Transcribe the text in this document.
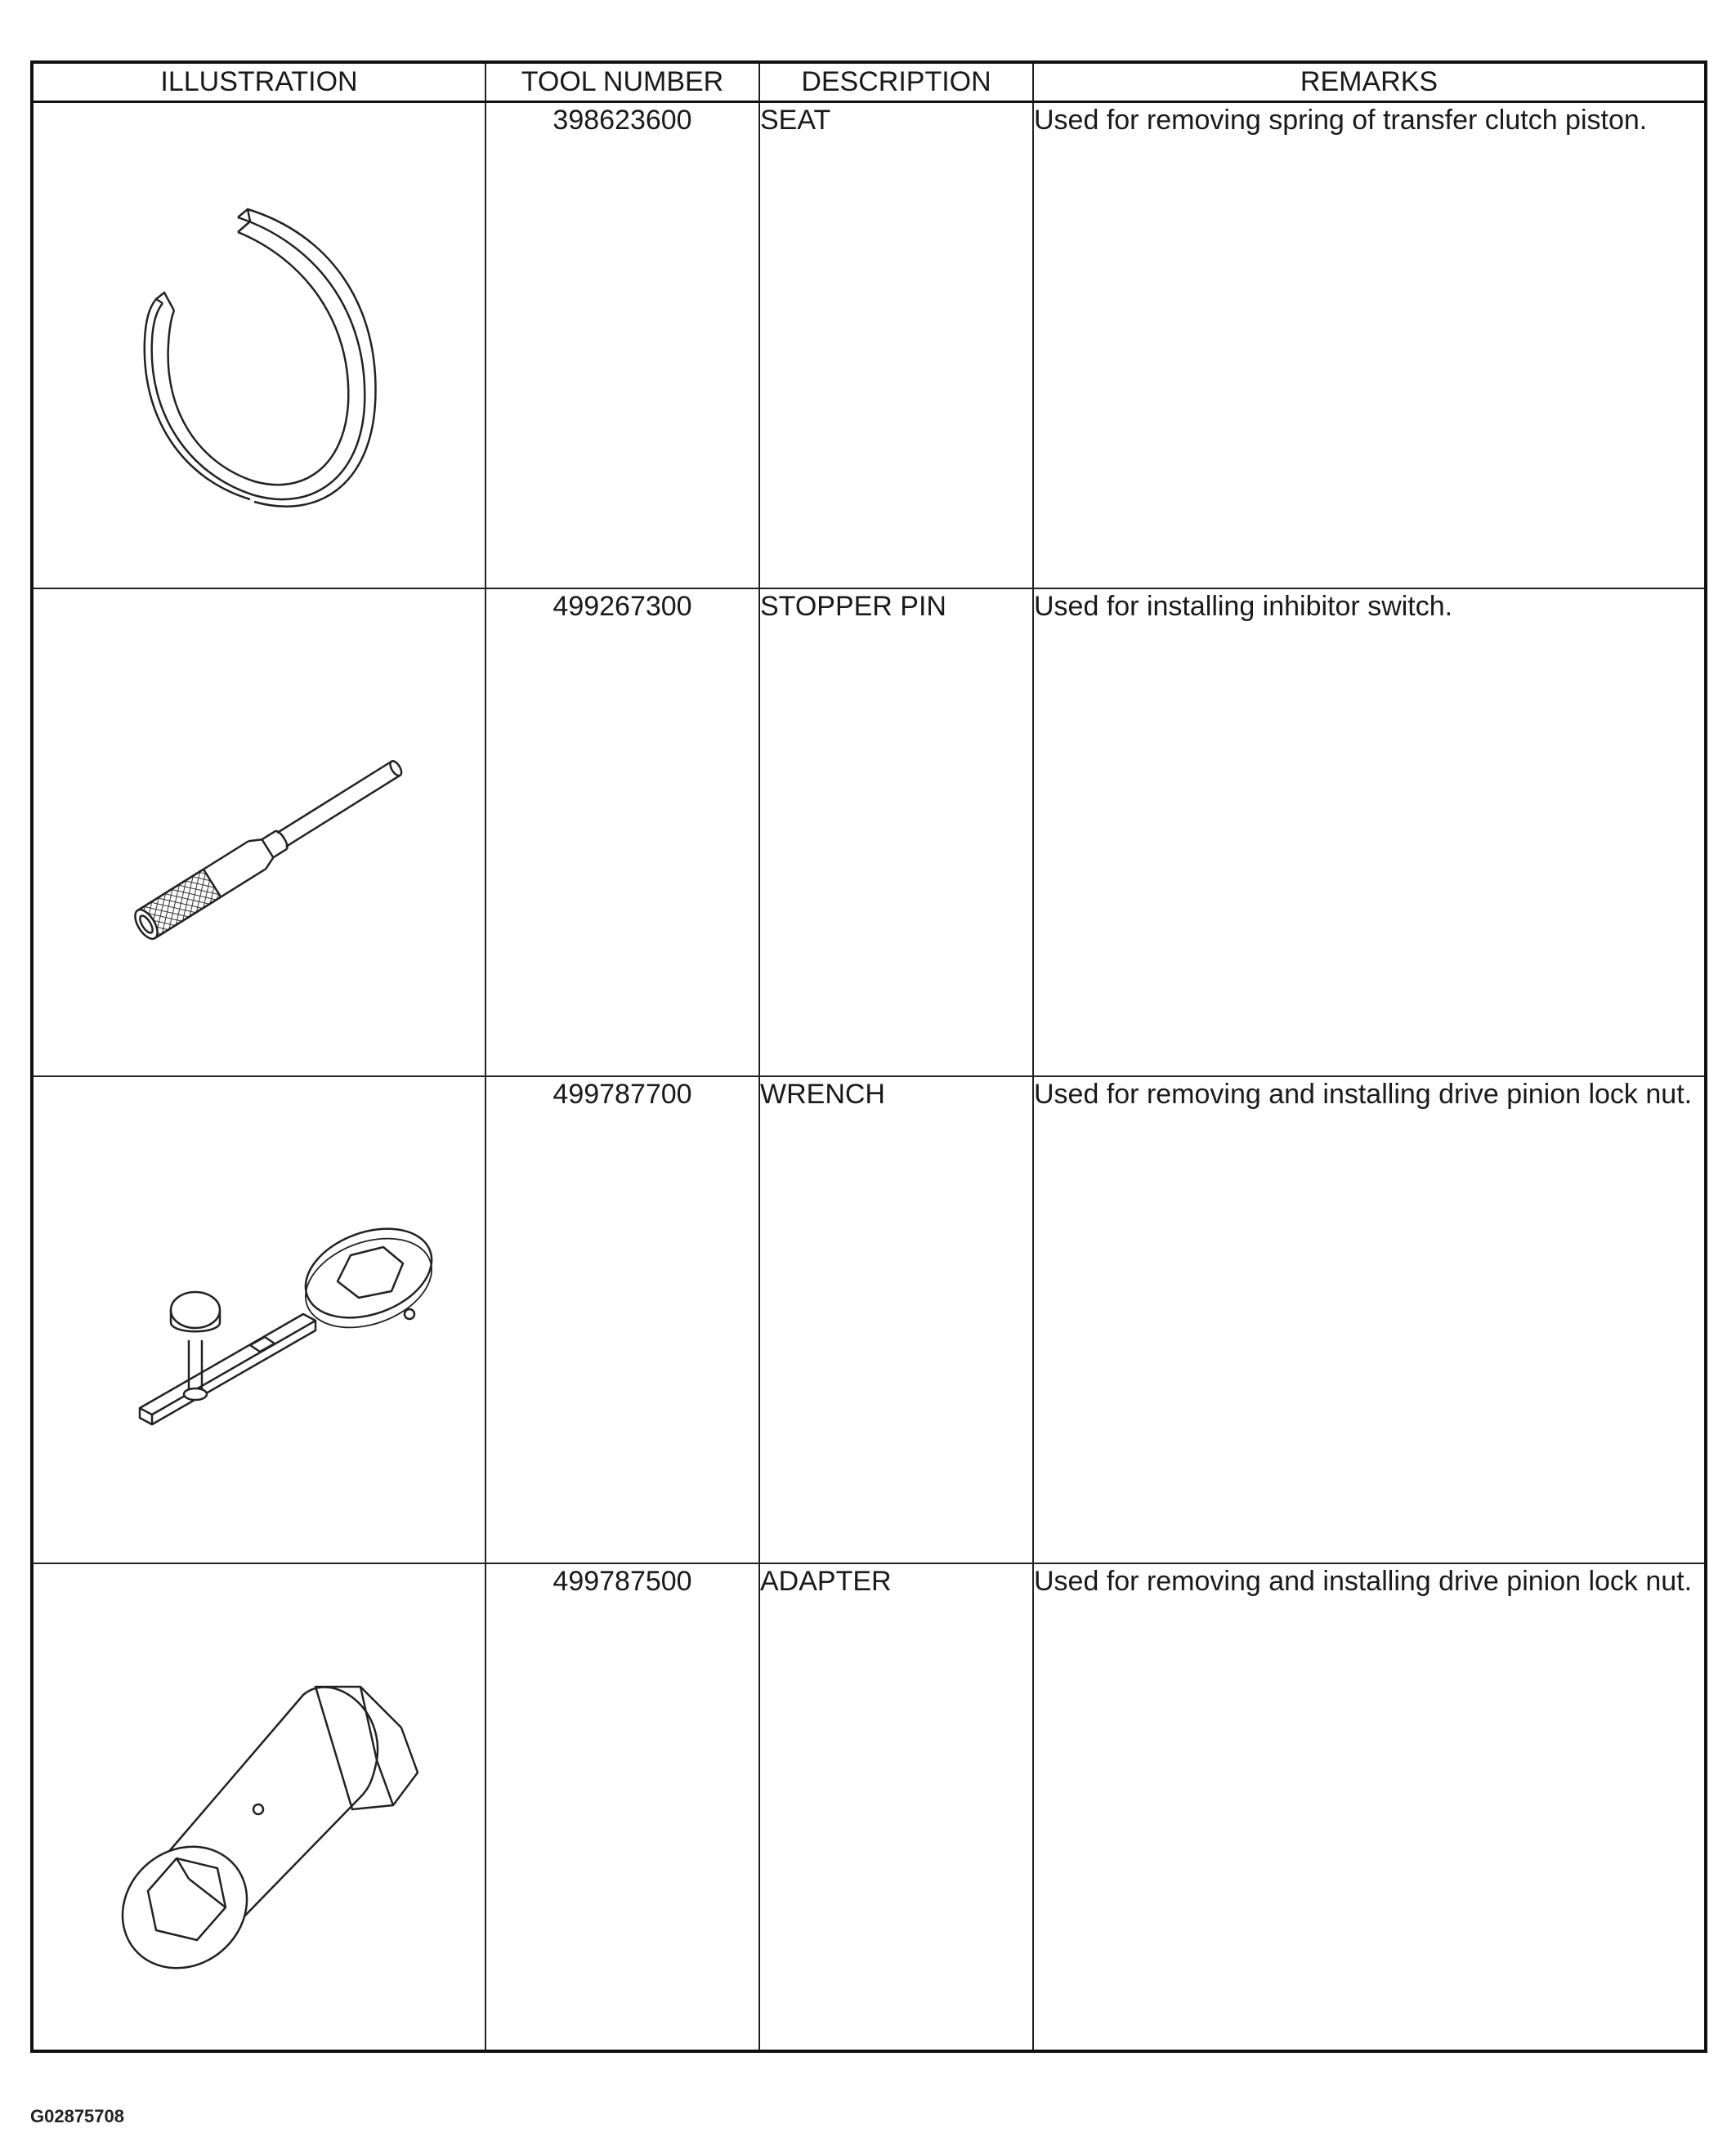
ILLUSTRATION	TOOL NUMBER	DESCRIPTION	REMARKS

	398623600	SEAT	Used for removing spring of transfer clutch piston.

	499267300	STOPPER PIN	Used for installing inhibitor switch.

	499787700	WRENCH	Used for removing and installing drive pinion lock nut.

	499787500	ADAPTER	Used for removing and installing drive pinion lock nut.
G02875708
